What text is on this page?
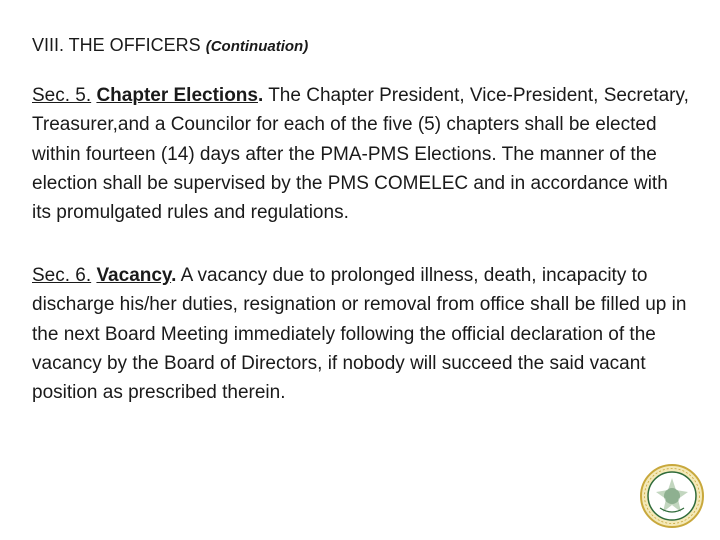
VIII. THE OFFICERS (Continuation)
Sec. 5. Chapter Elections. The Chapter President, Vice-President, Secretary, Treasurer,and a Councilor for each of the five (5) chapters shall be elected within fourteen (14) days after the PMA-PMS Elections. The manner of the election shall be supervised by the PMS COMELEC and in accordance with its promulgated rules and regulations.
Sec. 6. Vacancy. A vacancy due to prolonged illness, death, incapacity to discharge his/her duties, resignation or removal from office shall be filled up in the next Board Meeting immediately following the official declaration of the vacancy by the Board of Directors, if nobody will succeed the said vacant position as prescribed therein.
